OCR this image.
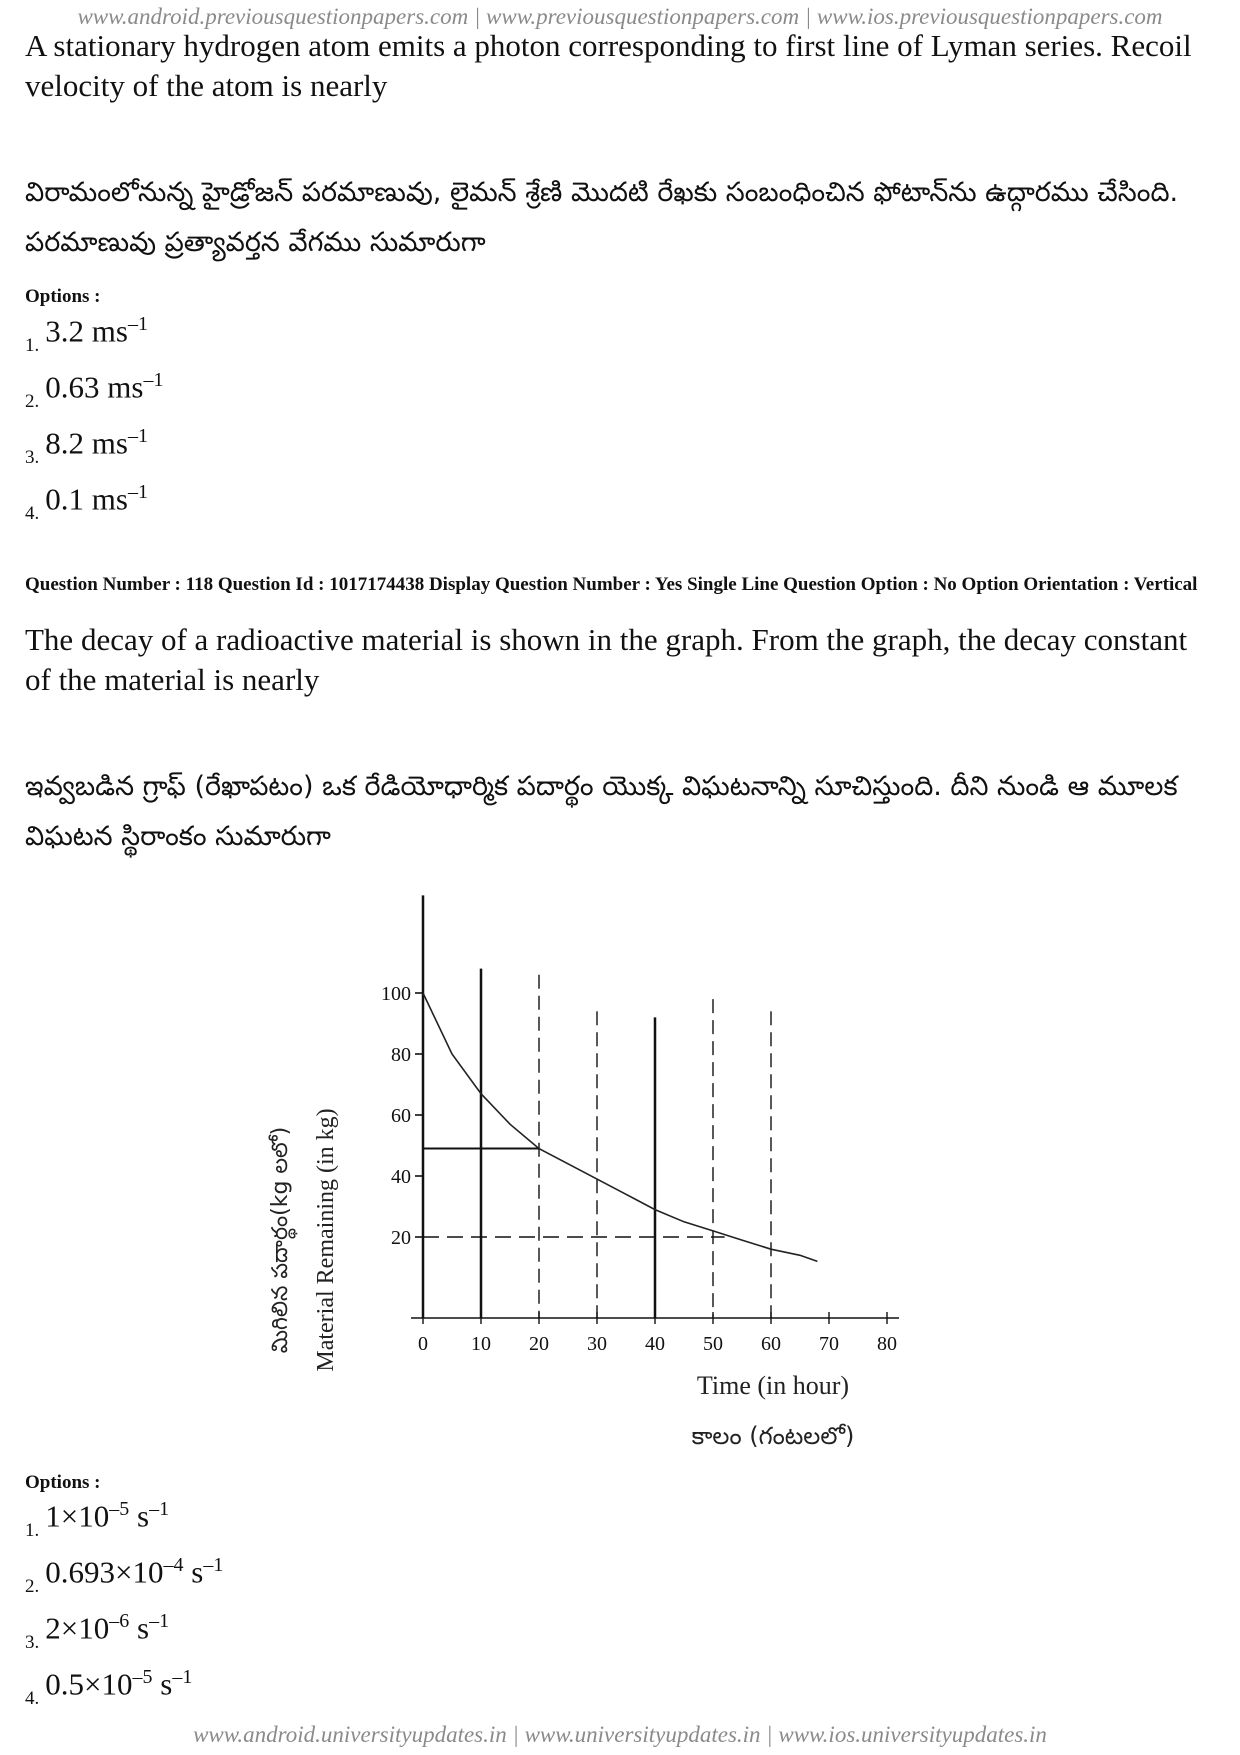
www.android.previousquestionpapers.com | www.previousquestionpapers.com | www.ios.previousquestionpapers.com
A stationary hydrogen atom emits a photon corresponding to first line of Lyman series. Recoil velocity of the atom is nearly
విరామంలోనున్న హైడ్రోజన్ పరమాణువు, లైమన్ శ్రేణి మొదటి రేఖకు సంబంధించిన ఫోటాన్‌ను ఉద్గారము చేసింది. పరమాణువు ప్రత్యావర్తన వేగము సుమారుగా
Options :
$_{1.}$ 3.2 $ms^{-1}$
$_{2.}$ 0.63 $ms^{-1}$
$_{3.}$ 8.2 $ms^{-1}$
$_{4.}$ 0.1 $ms^{-1}$
Question Number : 118 Question Id : 1017174438 Display Question Number : Yes Single Line Question Option : No Option Orientation : Vertical
The decay of a radioactive material is shown in the graph. From the graph, the decay constant of the material is nearly
ఇవ్వబడిన గ్రాఫ్ (రేఖాపటం) ఒక రేడియోధార్మిక పదార్థం యొక్క విఘటనాన్ని సూచిస్తుంది. దీని నుండి ఆ మూలక విఘటన స్థిరాంకం సుమారుగా
20
40
60
80
100
0 10 20 30 40 50 60 70 80
మిగిలిన పదార్థం(kg లలో) Material Remaining (in kg)
Time (in hour)
కాలం (గంటలలో)
Options :
$_{1.}$ $1\times 10^{-5}$ $s^{-1}$
$_{2.}$ $0.693\times 10^{-4}$ $s^{-1}$
$_{3.}$ $2\times 10^{-6}$ $s^{-1}$
$_{4.}$ $0.5\times 10^{-5}$ $s^{-1}$
www.android.universityupdates.in | www.universityupdates.in | www.ios.universityupdates.in
